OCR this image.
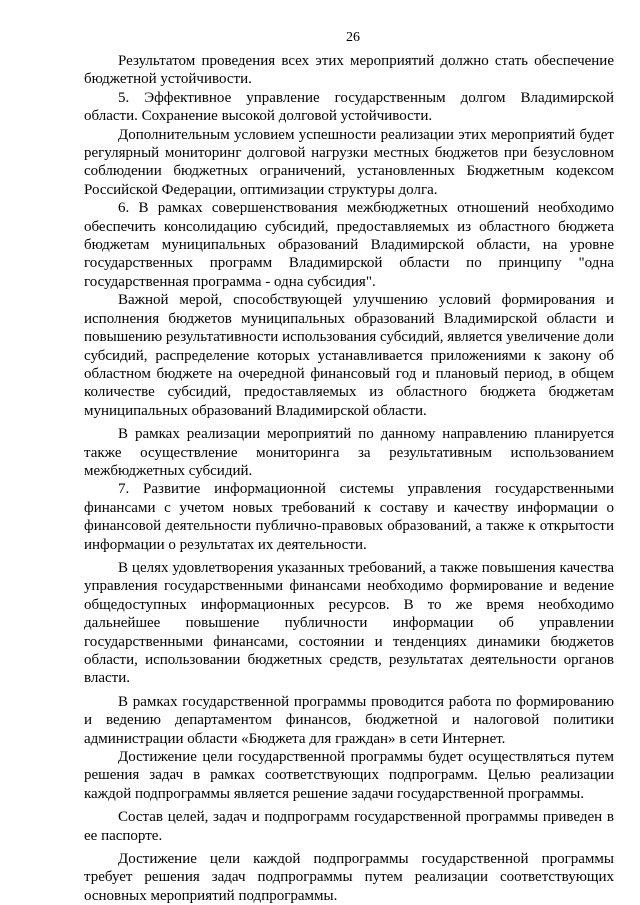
26

Результатом проведения всех этих мероприятий должно стать обеспечение бюджетной устойчивости.

5. Эффективное управление государственным долгом Владимирской области. Сохранение высокой долговой устойчивости.

Дополнительным условием успешности реализации этих мероприятий будет регулярный мониторинг долговой нагрузки местных бюджетов при безусловном соблюдении бюджетных ограничений, установленных Бюджетным кодексом Российской Федерации, оптимизации структуры долга.

6. В рамках совершенствования межбюджетных отношений необходимо обеспечить консолидацию субсидий, предоставляемых из областного бюджета бюджетам муниципальных образований Владимирской области, на уровне государственных программ Владимирской области по принципу "одна государственная программа - одна субсидия".

Важной мерой, способствующей улучшению условий формирования и исполнения бюджетов муниципальных образований Владимирской области и повышению результативности использования субсидий, является увеличение доли субсидий, распределение которых устанавливается приложениями к закону об областном бюджете на очередной финансовый год и плановый период, в общем количестве субсидий, предоставляемых из областного бюджета бюджетам муниципальных образований Владимирской области.

В рамках реализации мероприятий по данному направлению планируется также осуществление мониторинга за результативным использованием межбюджетных субсидий.

7. Развитие информационной системы управления государственными финансами с учетом новых требований к составу и качеству информации о финансовой деятельности публично-правовых образований, а также к открытости информации о результатах их деятельности.

В целях удовлетворения указанных требований, а также повышения качества управления государственными финансами необходимо формирование и ведение общедоступных информационных ресурсов. В то же время необходимо дальнейшее повышение публичности информации об управлении государственными финансами, состоянии и тенденциях динамики бюджетов области, использовании бюджетных средств, результатах деятельности органов власти.

В рамках государственной программы проводится работа по формированию и ведению департаментом финансов, бюджетной и налоговой политики администрации области «Бюджета для граждан» в сети Интернет.

Достижение цели государственной программы будет осуществляться путем решения задач в рамках соответствующих подпрограмм. Целью реализации каждой подпрограммы является решение задачи государственной программы.

Состав целей, задач и подпрограмм государственной программы приведен в ее паспорте.

Достижение цели каждой подпрограммы государственной программы требует решения задач подпрограммы путем реализации соответствующих основных мероприятий подпрограммы.
